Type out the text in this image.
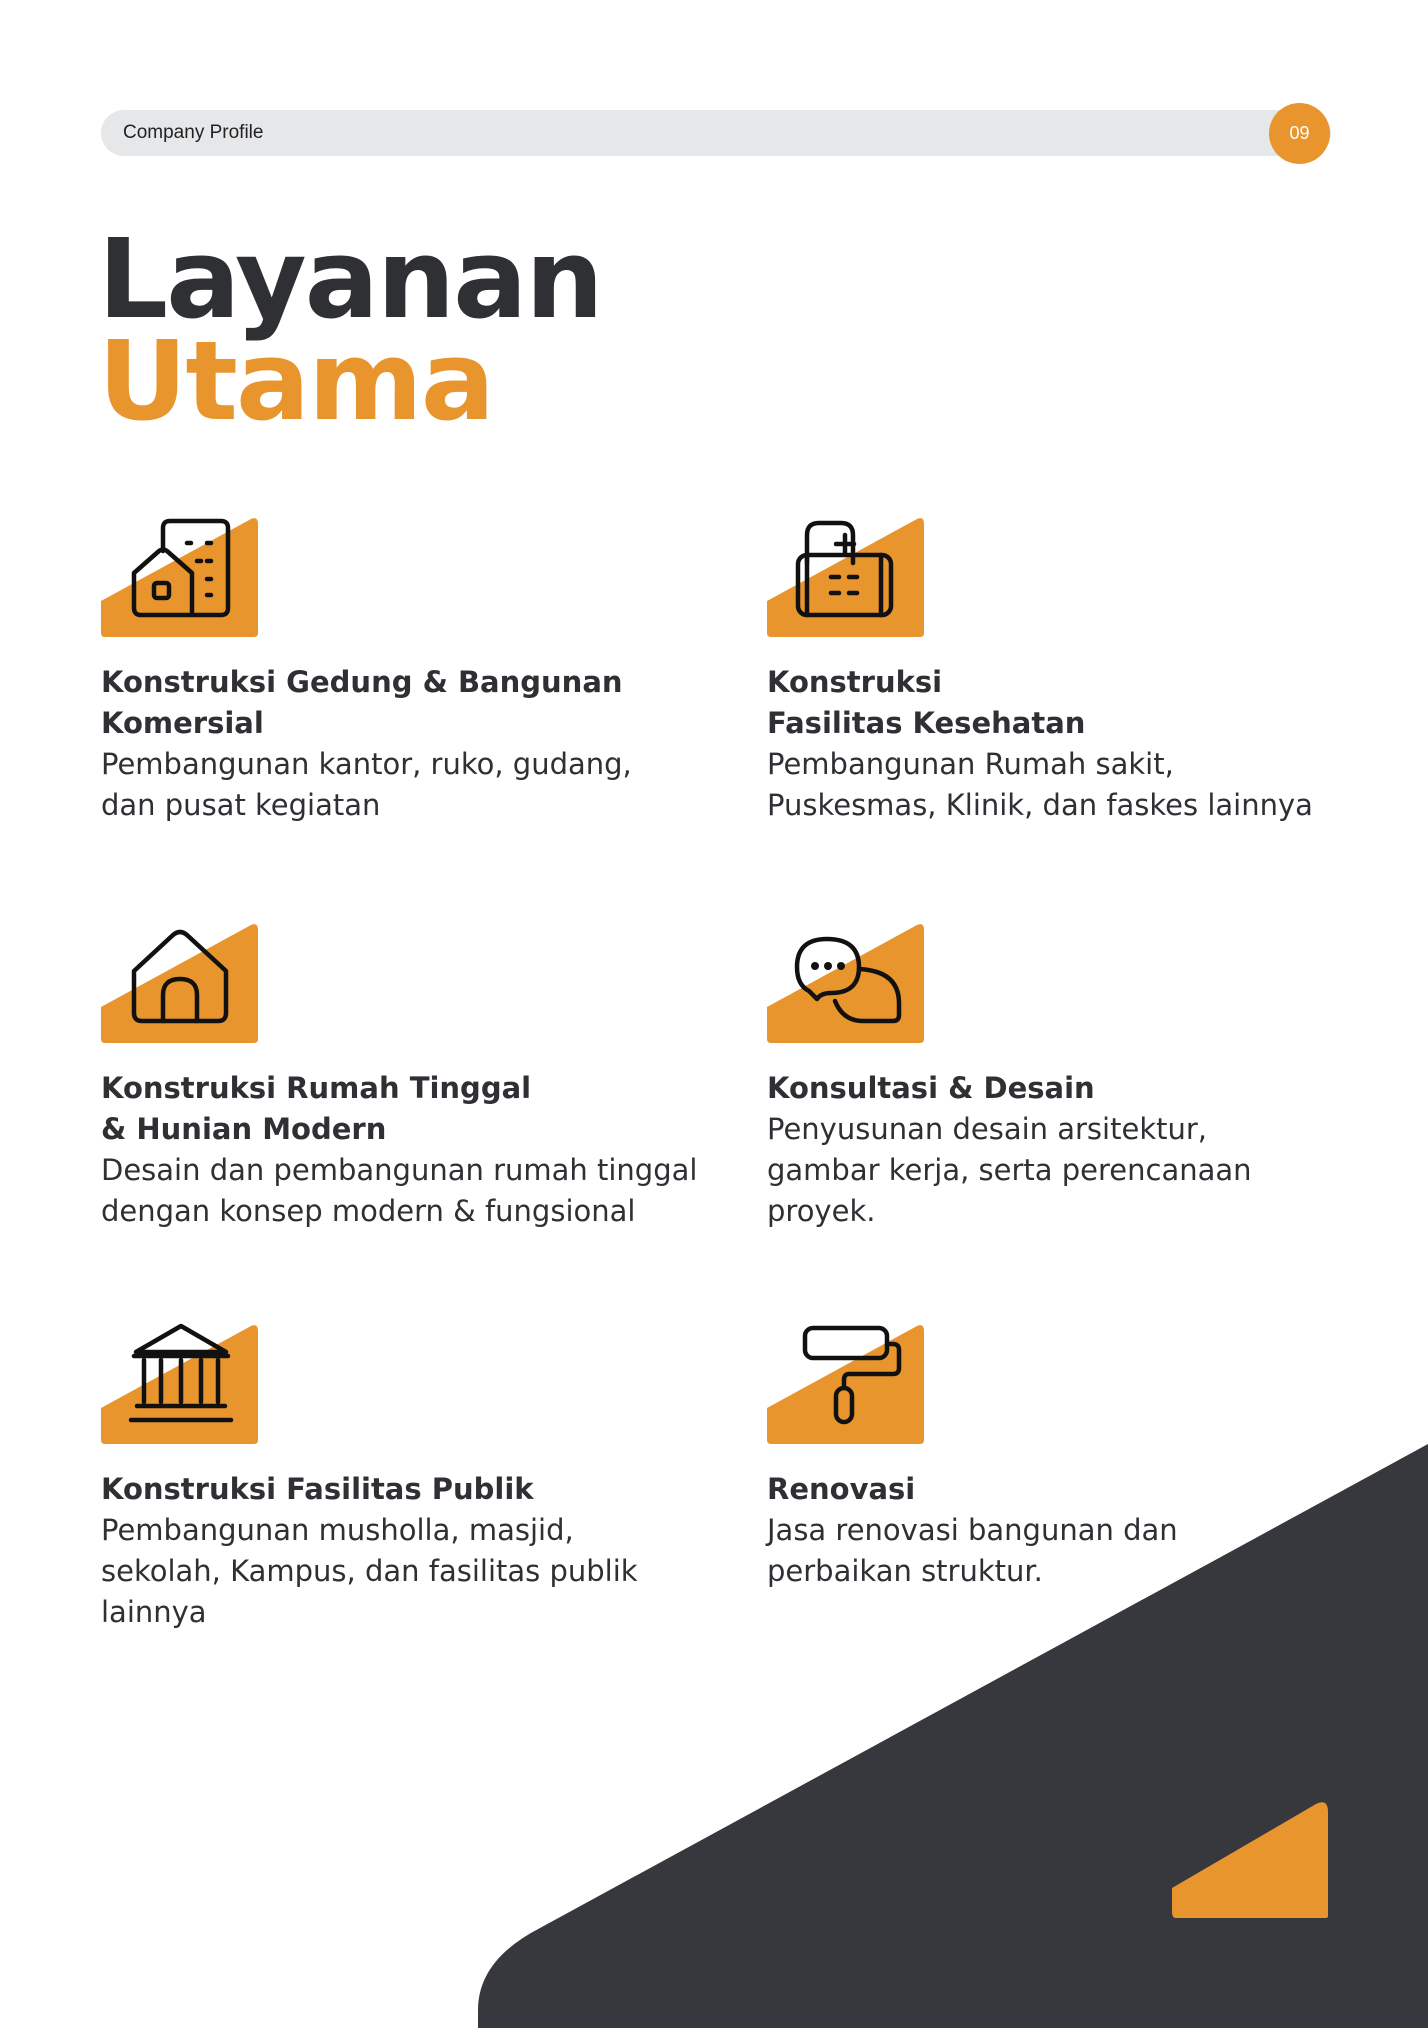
Company Profile	09
Layanan
Utama
Konstruksi Gedung & Bangunan
Komersial

Pembangunan kantor, ruko, gudang,
dan pusat kegiatan

Konstruksi
Fasilitas Kesehatan

Pembangunan Rumah sakit,
Puskesmas, Klinik, dan faskes lainnya

Konstruksi Rumah Tinggal
& Hunian Modern

Desain dan pembangunan rumah tinggal
dengan konsep modern & fungsional

Konsultasi & Desain

Penyusunan desain arsitektur,
gambar kerja, serta perencanaan
proyek.

Konstruksi Fasilitas Publik

Pembangunan musholla, masjid,
sekolah, Kampus, dan fasilitas publik
lainnya

Renovasi

Jasa renovasi bangunan dan
perbaikan struktur.
